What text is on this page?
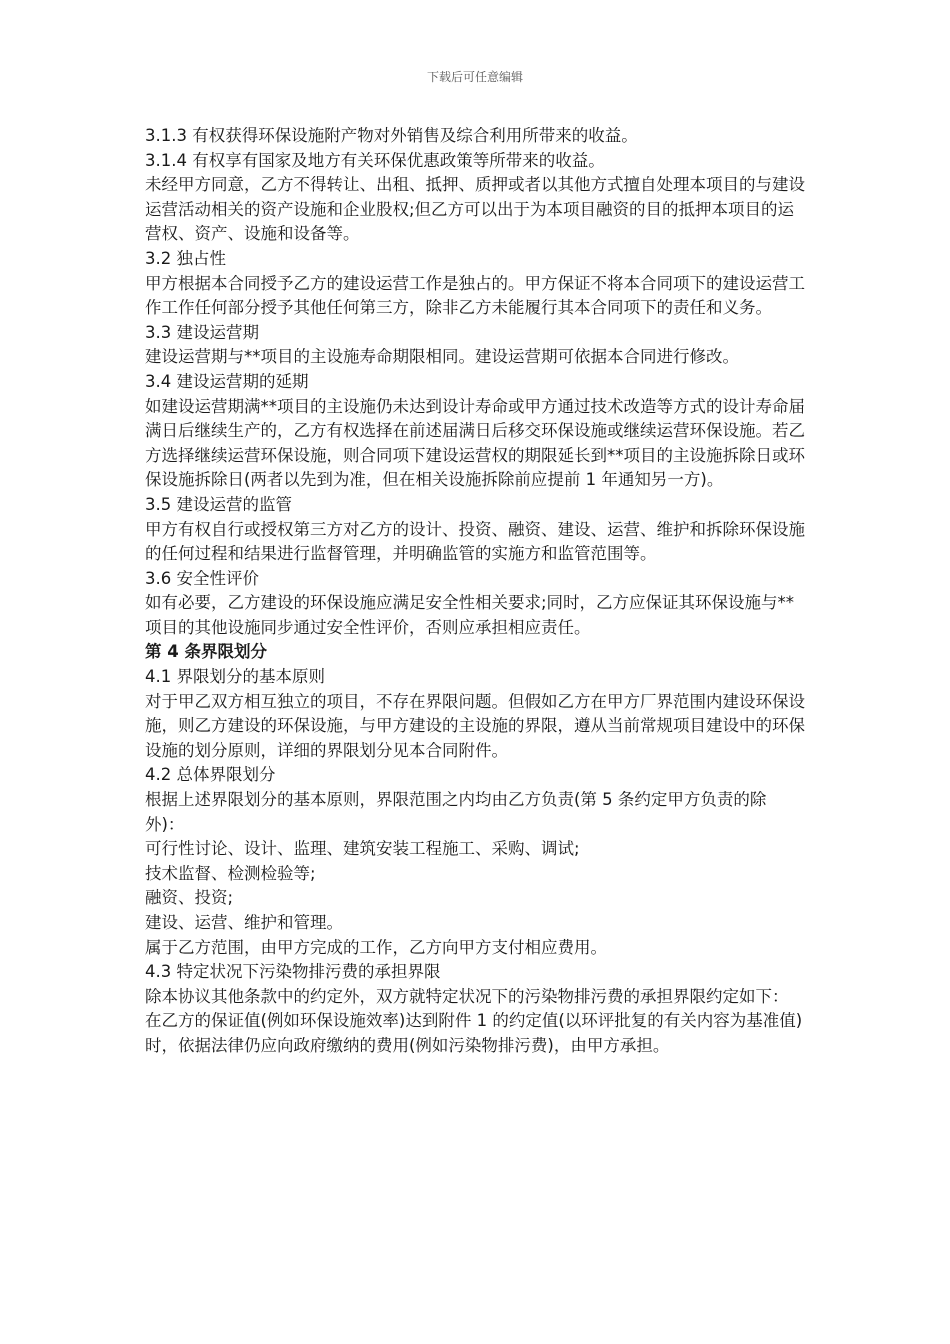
下载后可任意编辑

3.1.3 有权获得环保设施附产物对外销售及综合利用所带来的收益。

3.1.4 有权享有国家及地方有关环保优惠政策等所带来的收益。

未经甲方同意，乙方不得转让、出租、抵押、质押或者以其他方式擅自处理本项目的与建设运营活动相关的资产设施和企业股权;但乙方可以出于为本项目融资的目的抵押本项目的运营权、资产、设施和设备等。

3.2 独占性

甲方根据本合同授予乙方的建设运营工作是独占的。甲方保证不将本合同项下的建设运营工作工作任何部分授予其他任何第三方，除非乙方未能履行其本合同项下的责任和义务。

3.3 建设运营期

建设运营期与**项目的主设施寿命期限相同。建设运营期可依据本合同进行修改。

3.4 建设运营期的延期

如建设运营期满**项目的主设施仍未达到设计寿命或甲方通过技术改造等方式的设计寿命届满日后继续生产的，乙方有权选择在前述届满日后移交环保设施或继续运营环保设施。若乙方选择继续运营环保设施，则合同项下建设运营权的期限延长到**项目的主设施拆除日或环保设施拆除日(两者以先到为准，但在相关设施拆除前应提前 1 年通知另一方)。

3.5 建设运营的监管

甲方有权自行或授权第三方对乙方的设计、投资、融资、建设、运营、维护和拆除环保设施的任何过程和结果进行监督管理，并明确监管的实施方和监管范围等。

3.6 安全性评价

如有必要，乙方建设的环保设施应满足安全性相关要求;同时，乙方应保证其环保设施与**项目的其他设施同步通过安全性评价，否则应承担相应责任。

第 4 条界限划分

4.1 界限划分的基本原则

对于甲乙双方相互独立的项目，不存在界限问题。但假如乙方在甲方厂界范围内建设环保设施，则乙方建设的环保设施，与甲方建设的主设施的界限，遵从当前常规项目建设中的环保设施的划分原则，详细的界限划分见本合同附件。

4.2 总体界限划分

根据上述界限划分的基本原则，界限范围之内均由乙方负责(第 5 条约定甲方负责的除外)：

可行性讨论、设计、监理、建筑安装工程施工、采购、调试;

技术监督、检测检验等;

融资、投资;

建设、运营、维护和管理。

属于乙方范围，由甲方完成的工作，乙方向甲方支付相应费用。

4.3 特定状况下污染物排污费的承担界限

除本协议其他条款中的约定外，双方就特定状况下的污染物排污费的承担界限约定如下：

在乙方的保证值(例如环保设施效率)达到附件 1 的约定值(以环评批复的有关内容为基准值)时，依据法律仍应向政府缴纳的费用(例如污染物排污费)，由甲方承担。
